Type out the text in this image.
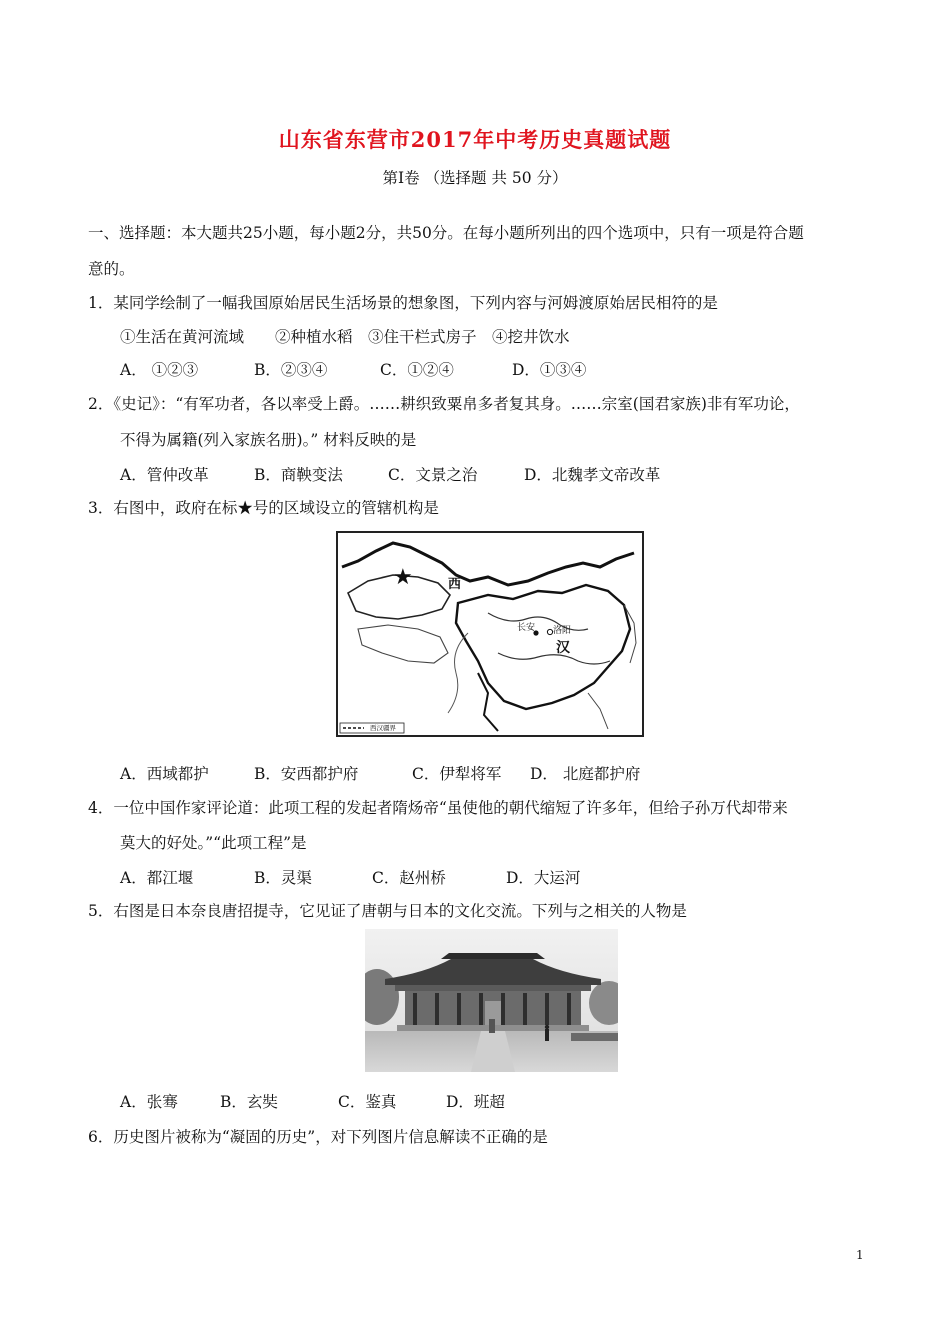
山东省东营市2017年中考历史真题试题
第Ⅰ卷 （选择题 共 50 分）
一、选择题：本大题共25小题，每小题2分，共50分。在每小题所列出的四个选项中，只有一项是符合题
意的。
1．某同学绘制了一幅我国原始居民生活场景的想象图，下列内容与河姆渡原始居民相符的是
①生活在黄河流域　　②种植水稻　③住干栏式房子　④挖井饮水
A． ①②③	B．②③④	C．①②④	D．①③④
2．《史记》：“有军功者，各以率受上爵。……耕织致粟帛多者复其身。……宗室(国君家族)非有军功论，
不得为属籍(列入家族名册)。” 材料反映的是
A．管仲改革	B．商鞅变法	C．文景之治	D．北魏孝文帝改革
3．右图中，政府在标★号的区域设立的管辖机构是
★	西
长安 洛阳
汉
西汉疆界
A．西域都护	B．安西都护府	C．伊犁将军 D． 北庭都护府
4．一位中国作家评论道：此项工程的发起者隋炀帝“虽使他的朝代缩短了许多年，但给子孙万代却带来
莫大的好处。”“此项工程”是
A．都江堰	B．灵渠	C．赵州桥	D．大运河
5．右图是日本奈良唐招提寺，它见证了唐朝与日本的文化交流。下列与之相关的人物是
A．张骞	B．玄奘	C．鉴真	D．班超
6．历史图片被称为“凝固的历史”，对下列图片信息解读不正确的是
1
